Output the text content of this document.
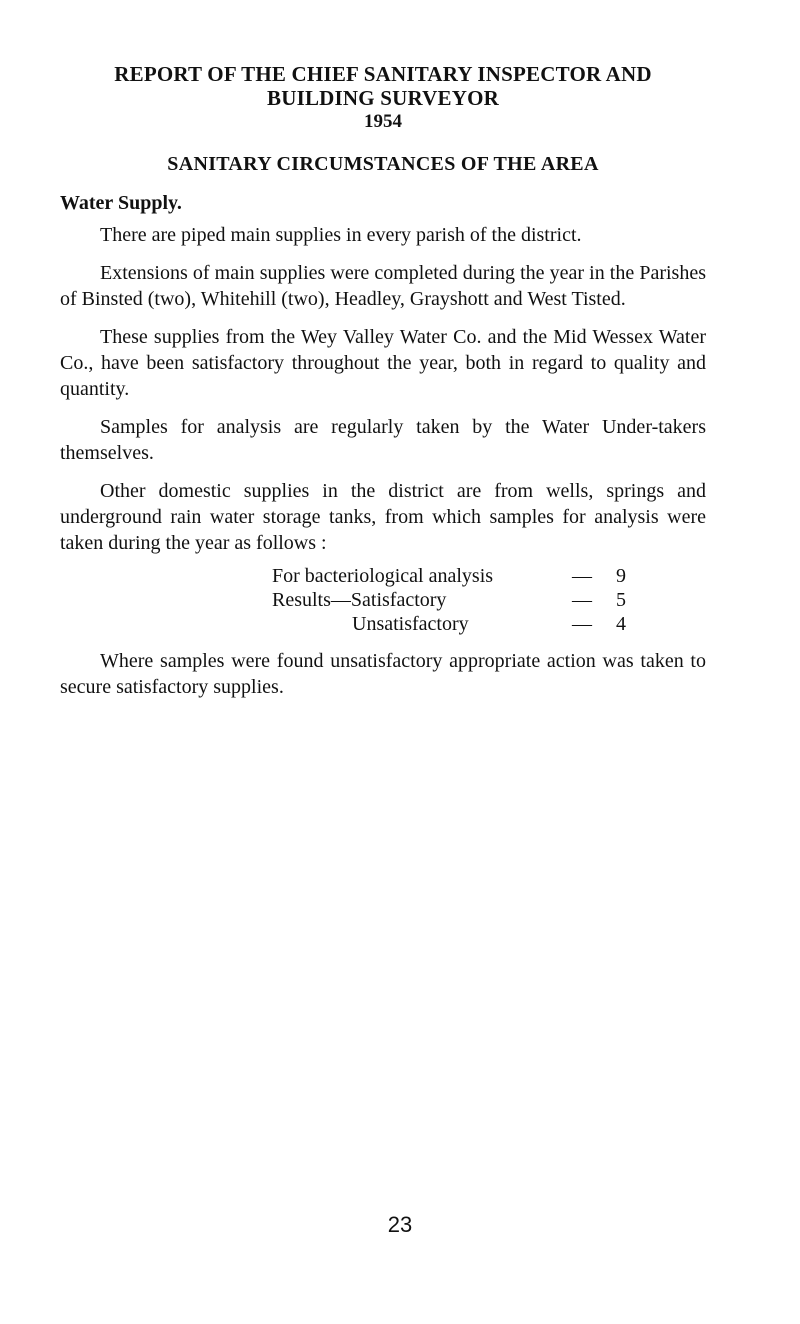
REPORT OF THE CHIEF SANITARY INSPECTOR AND
BUILDING SURVEYOR
1954
SANITARY CIRCUMSTANCES OF THE AREA
Water Supply.

There are piped main supplies in every parish of the district.

Extensions of main supplies were completed during the year in the Parishes of Binsted (two), Whitehill (two), Headley, Grayshott and West Tisted.

These supplies from the Wey Valley Water Co. and the Mid Wessex Water Co., have been satisfactory throughout the year, both in regard to quality and quantity.

Samples for analysis are regularly taken by the Water Under-takers themselves.

Other domestic supplies in the district are from wells, springs and underground rain water storage tanks, from which samples for analysis were taken during the year as follows :

For bacteriological analysis	—	9
Results—Satisfactory	—	5
Unsatisfactory	—	4

Where samples were found unsatisfactory appropriate action was taken to secure satisfactory supplies.

23
